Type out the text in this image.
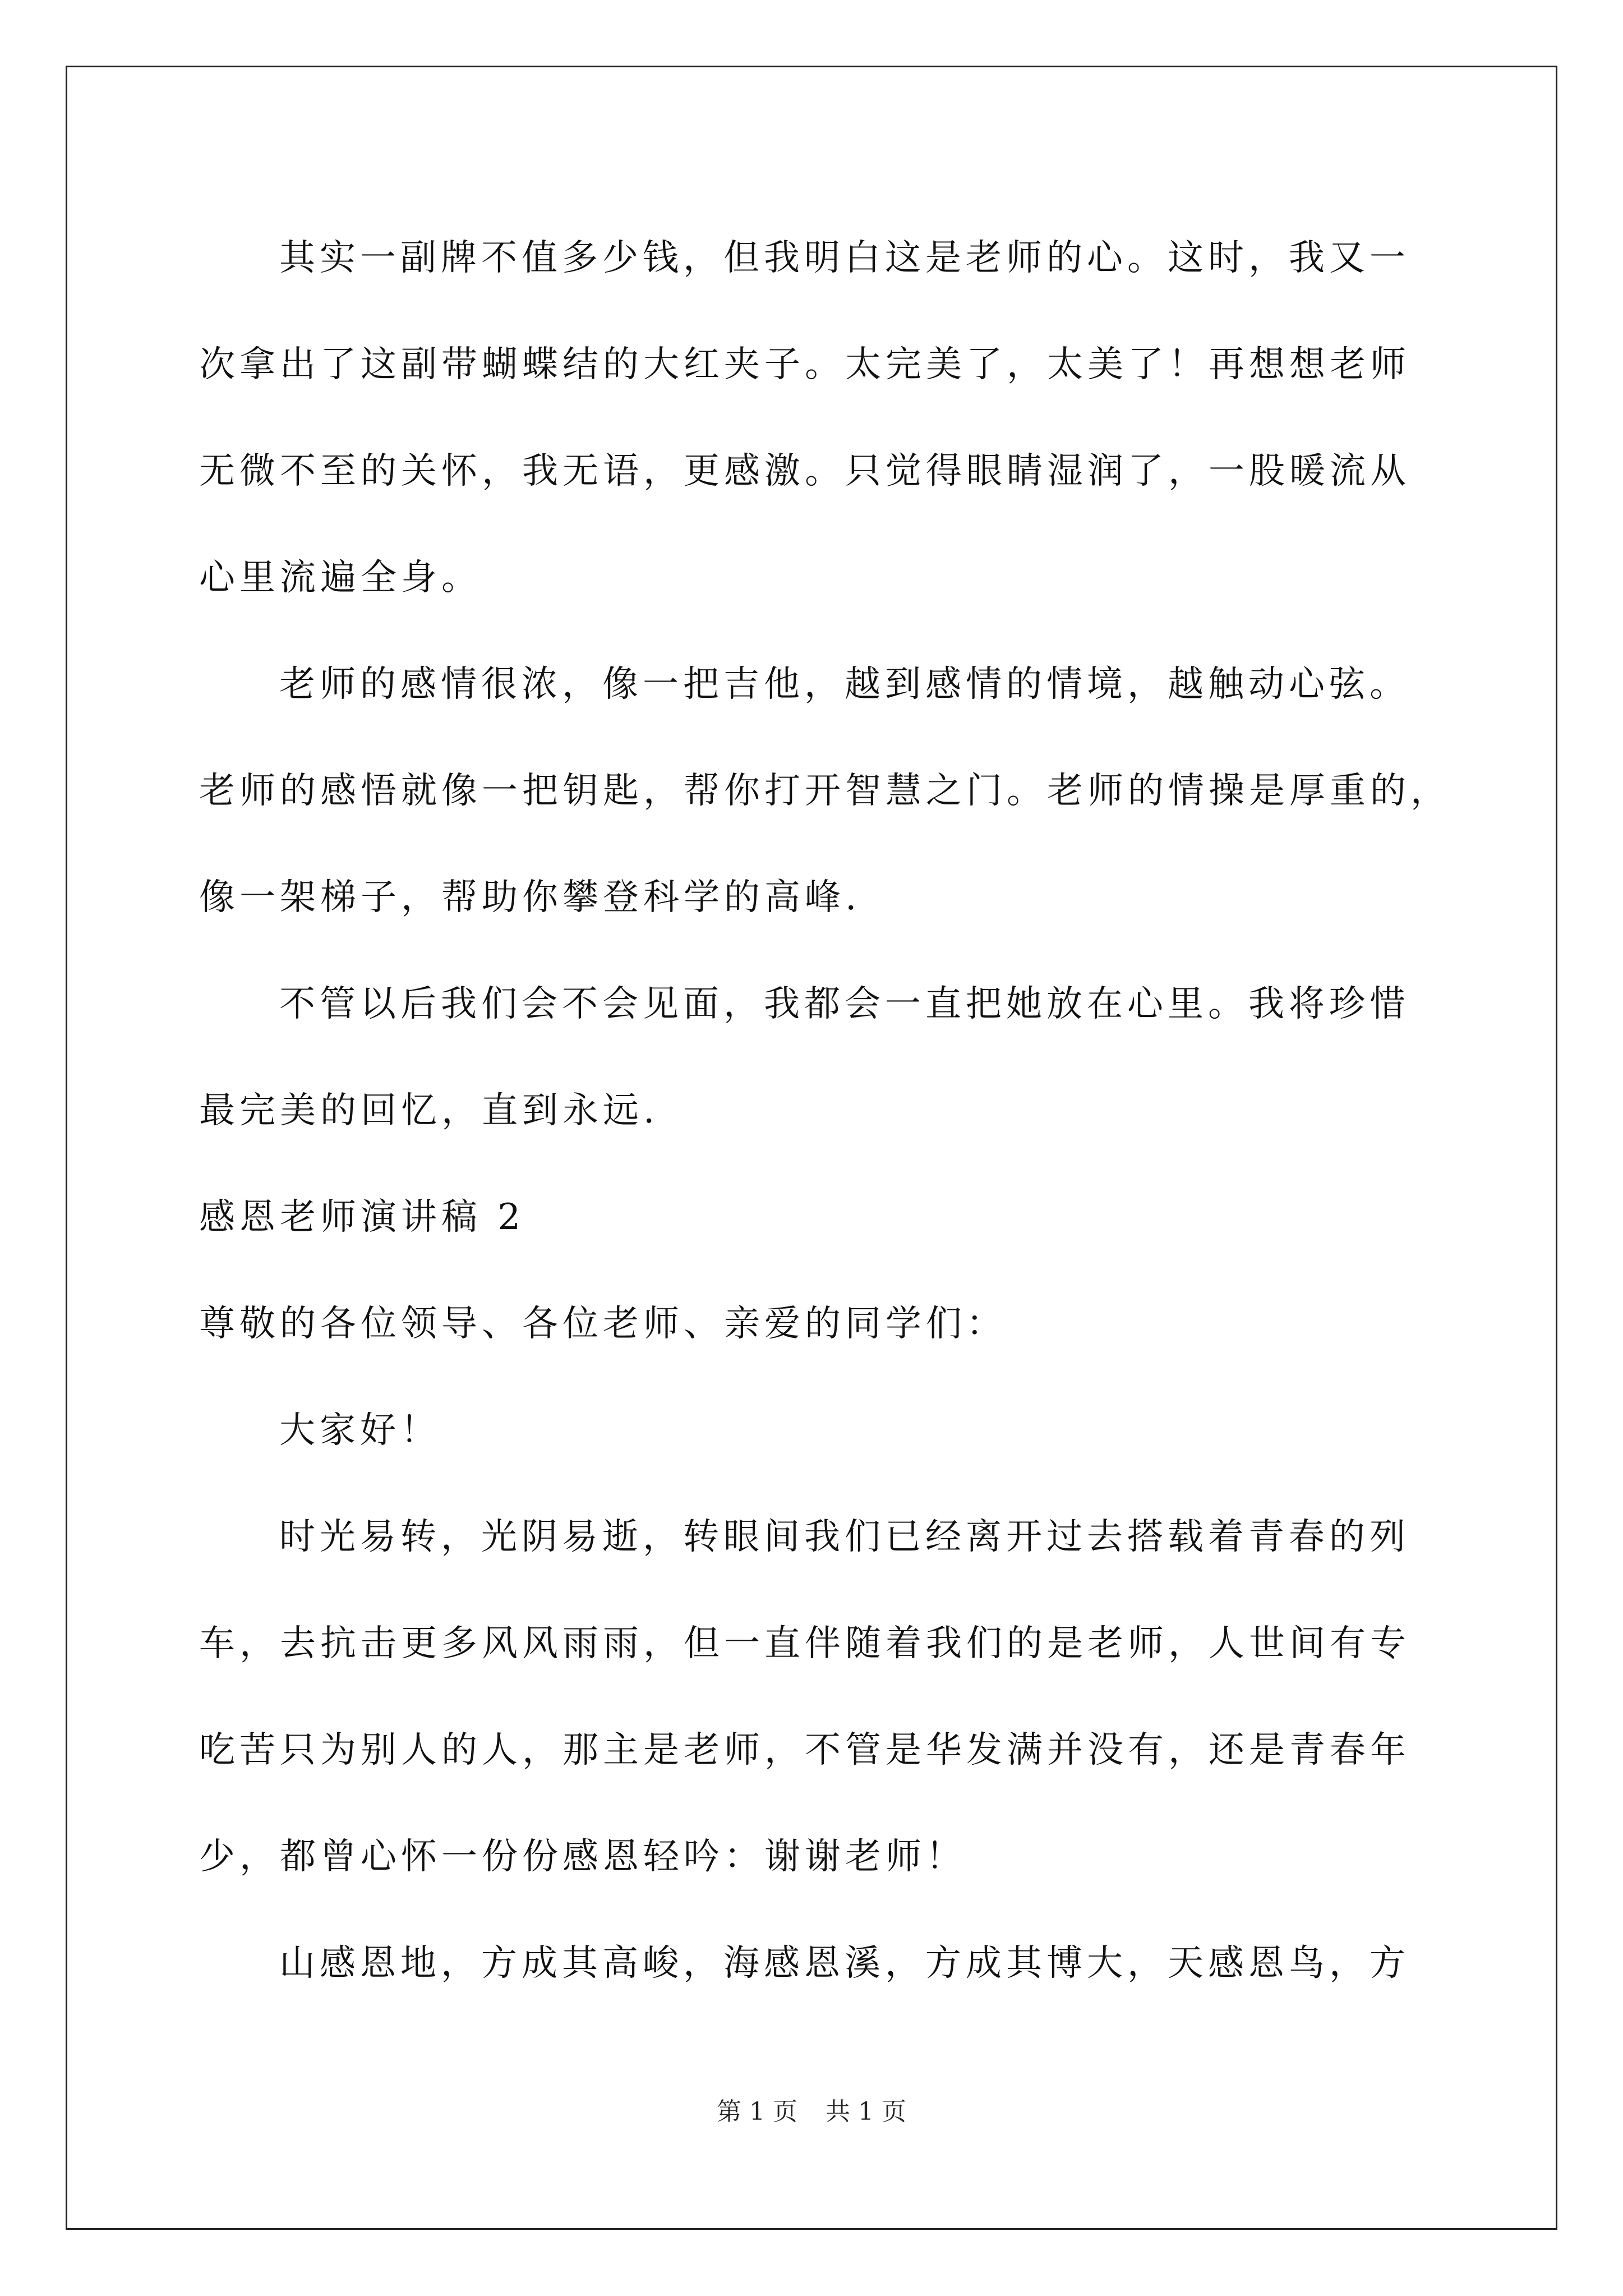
其实一副牌不值多少钱，但我明白这是老师的心。这时，我又一

次拿出了这副带蝴蝶结的大红夹子。太完美了，太美了！再想想老师

无微不至的关怀，我无语，更感激。只觉得眼睛湿润了，一股暖流从

心里流遍全身。

老师的感情很浓，像一把吉他，越到感情的情境，越触动心弦。

老师的感悟就像一把钥匙，帮你打开智慧之门。老师的情操是厚重的，

像一架梯子，帮助你攀登科学的高峰.

不管以后我们会不会见面，我都会一直把她放在心里。我将珍惜

最完美的回忆，直到永远.

感恩老师演讲稿 2

尊敬的各位领导、各位老师、亲爱的同学们：

大家好！

时光易转，光阴易逝，转眼间我们已经离开过去搭载着青春的列

车，去抗击更多风风雨雨，但一直伴随着我们的是老师，人世间有专

吃苦只为别人的人，那主是老师，不管是华发满并没有，还是青春年

少，都曾心怀一份份感恩轻吟：谢谢老师！

山感恩地，方成其高峻，海感恩溪，方成其博大，天感恩鸟，方

第 1 页 共 1 页
